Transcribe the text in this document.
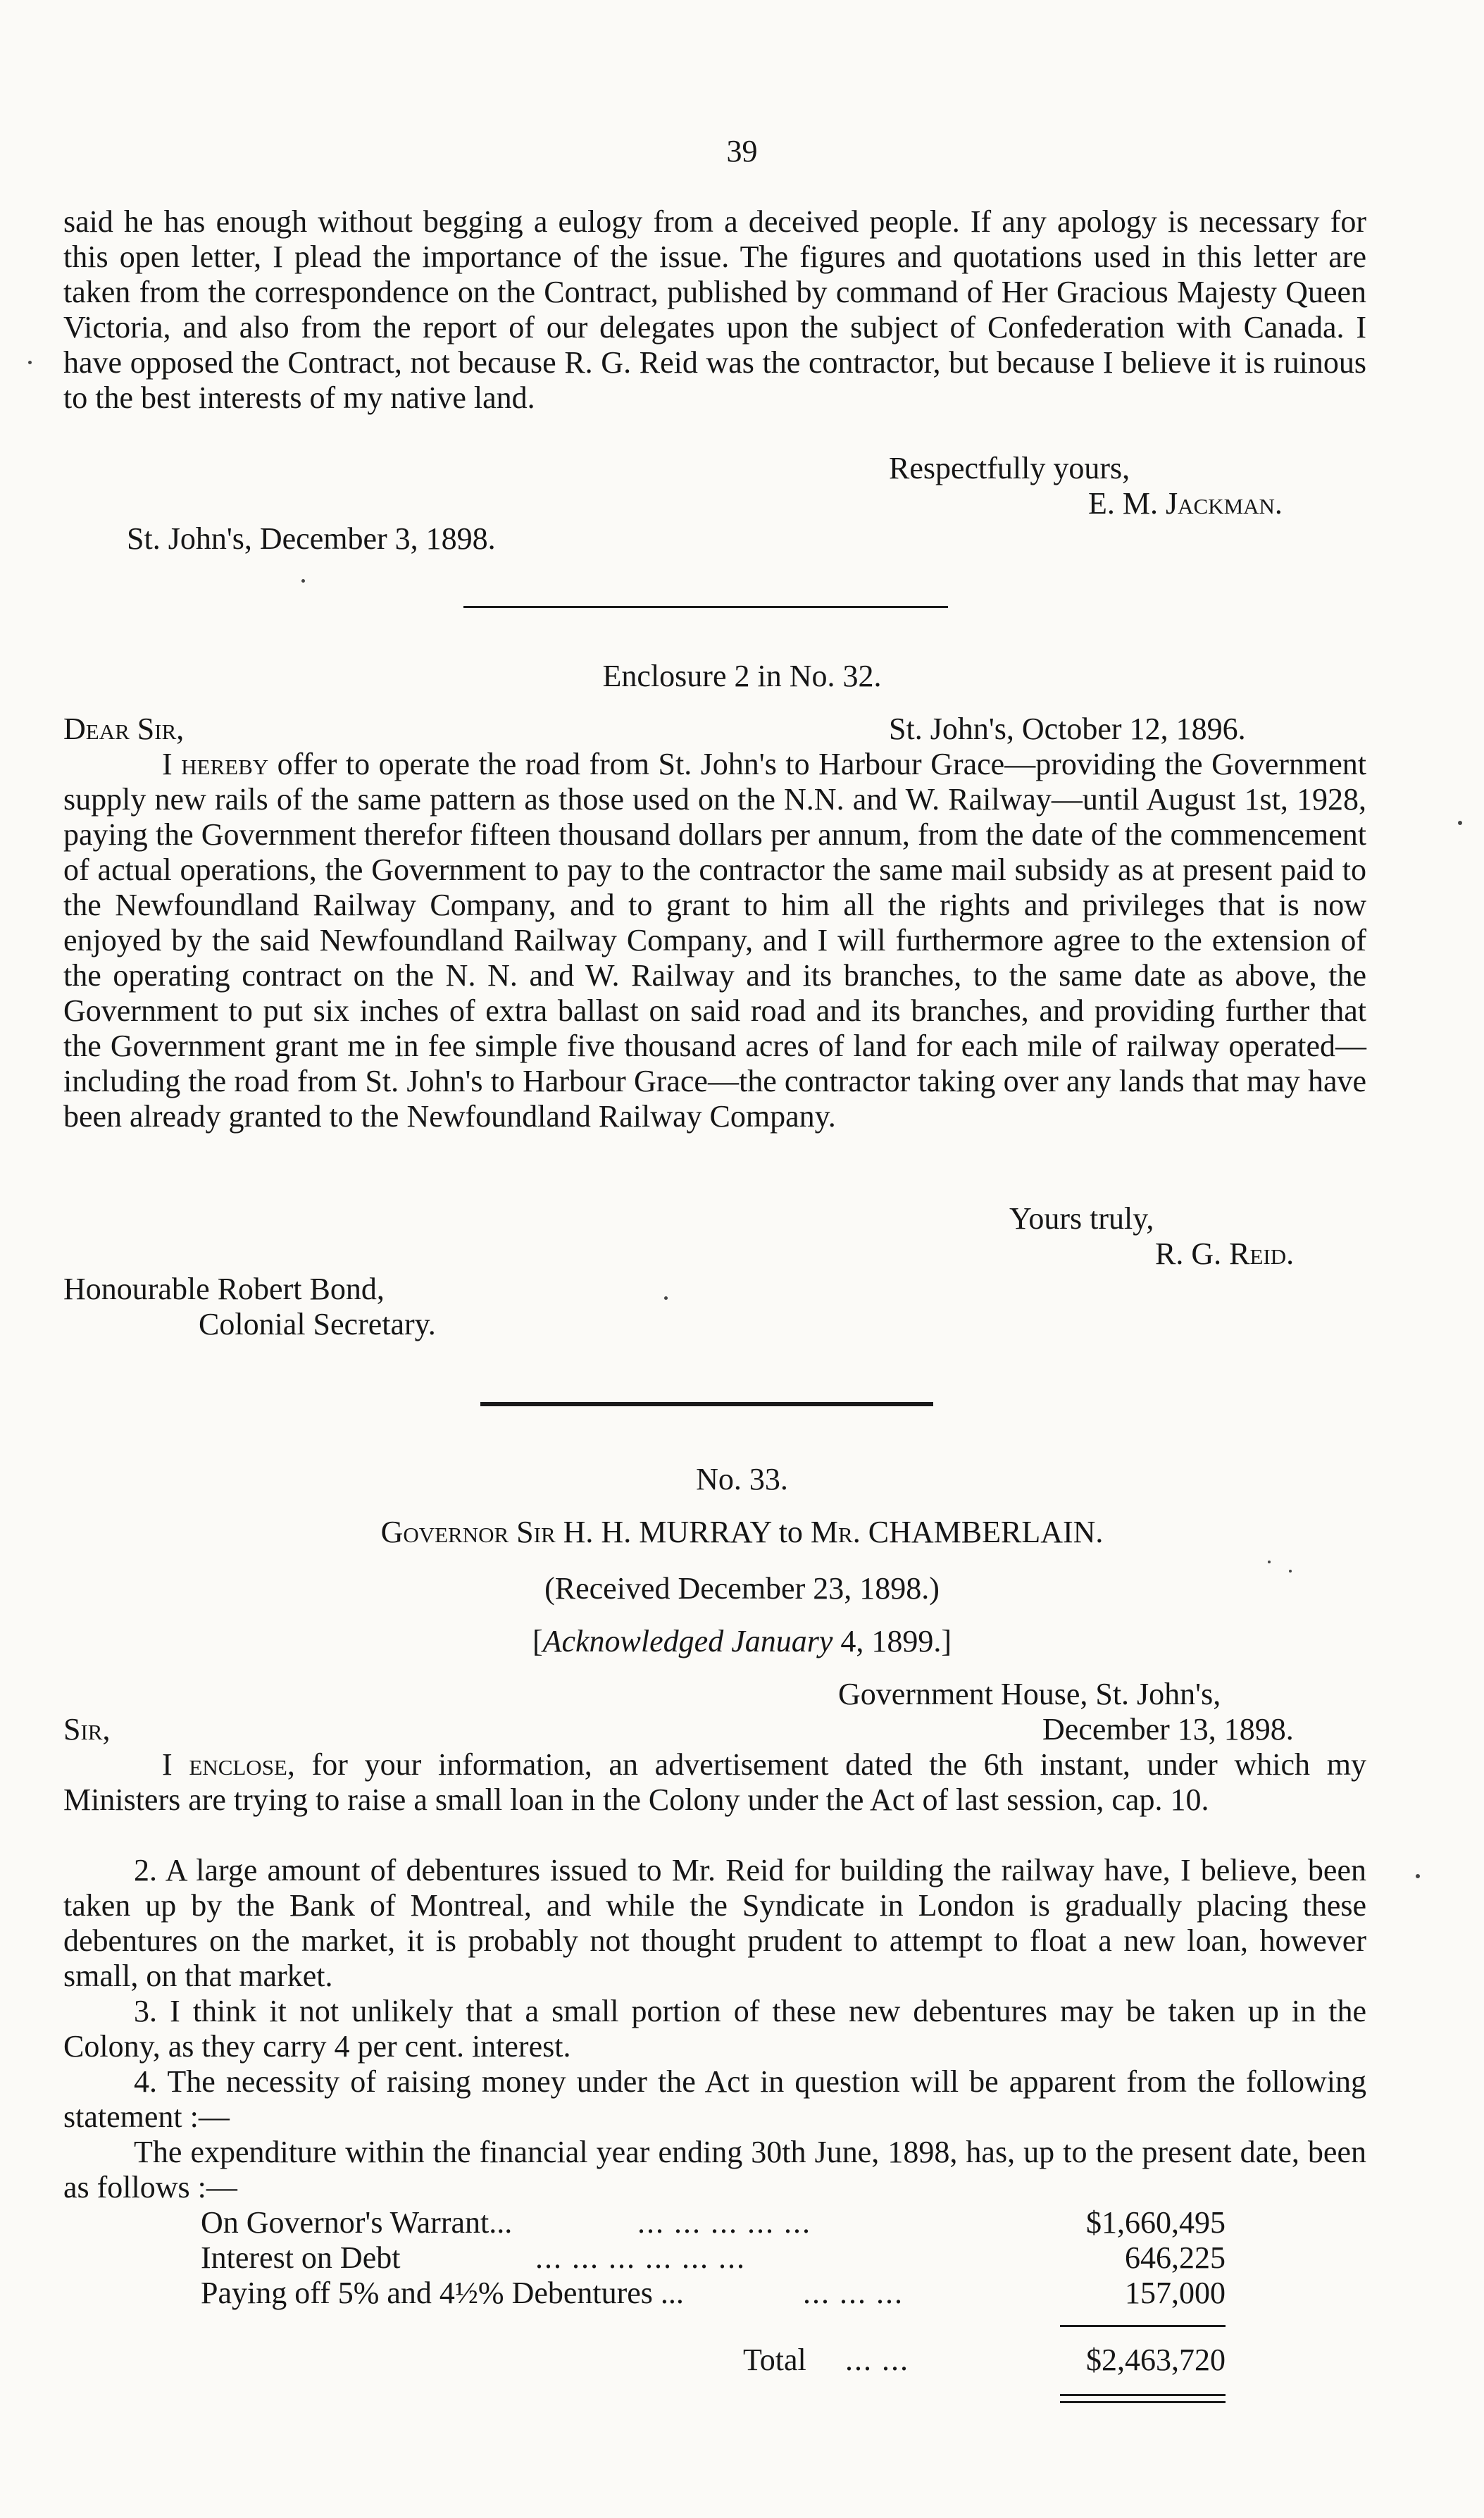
39
said he has enough without begging a eulogy from a deceived people. If any apology is necessary for this open letter, I plead the importance of the issue. The figures and quotations used in this letter are taken from the correspondence on the Contract, published by command of Her Gracious Majesty Queen Victoria, and also from the report of our delegates upon the subject of Confederation with Canada. I have opposed the Contract, not because R. G. Reid was the contractor, but because I believe it is ruinous to the best interests of my native land.
Respectfully yours,
E. M. Jackman.
St. John's, December 3, 1898.
Enclosure 2 in No. 32.
Dear Sir,	St. John's, October 12, 1896.
I hereby offer to operate the road from St. John's to Harbour Grace—providing the Government supply new rails of the same pattern as those used on the N.N. and W. Railway—until August 1st, 1928, paying the Government therefor fifteen thousand dollars per annum, from the date of the commencement of actual operations, the Government to pay to the contractor the same mail subsidy as at present paid to the Newfoundland Railway Company, and to grant to him all the rights and privileges that is now enjoyed by the said Newfoundland Railway Company, and I will furthermore agree to the extension of the operating contract on the N. N. and W. Railway and its branches, to the same date as above, the Government to put six inches of extra ballast on said road and its branches, and providing further that the Government grant me in fee simple five thousand acres of land for each mile of railway operated—including the road from St. John's to Harbour Grace—the contractor taking over any lands that may have been already granted to the Newfoundland Railway Company.
Yours truly,
R. G. Reid.
Honourable Robert Bond,
Colonial Secretary.
No. 33.
Governor Sir H. H. MURRAY to Mr. CHAMBERLAIN.
(Received December 23, 1898.)
[Acknowledged January 4, 1899.]
Government House, St. John's,
Sir,	December 13, 1898.
I enclose, for your information, an advertisement dated the 6th instant, under which my Ministers are trying to raise a small loan in the Colony under the Act of last session, cap. 10.
2. A large amount of debentures issued to Mr. Reid for building the railway have, I believe, been taken up by the Bank of Montreal, and while the Syndicate in London is gradually placing these debentures on the market, it is probably not thought prudent to attempt to float a new loan, however small, on that market.
3. I think it not unlikely that a small portion of these new debentures may be taken up in the Colony, as they carry 4 per cent. interest.
4. The necessity of raising money under the Act in question will be apparent from the following statement :—
The expenditure within the financial year ending 30th June, 1898, has, up to the present date, been as follows :—
On Governor's Warrant...	... ... ... ... ...	$1,660,495
Interest on Debt	... ... ... ... ... ...	646,225
Paying off 5% and 4½% Debentures ...	... ... ...	157,000
Total ... ...	$2,463,720
